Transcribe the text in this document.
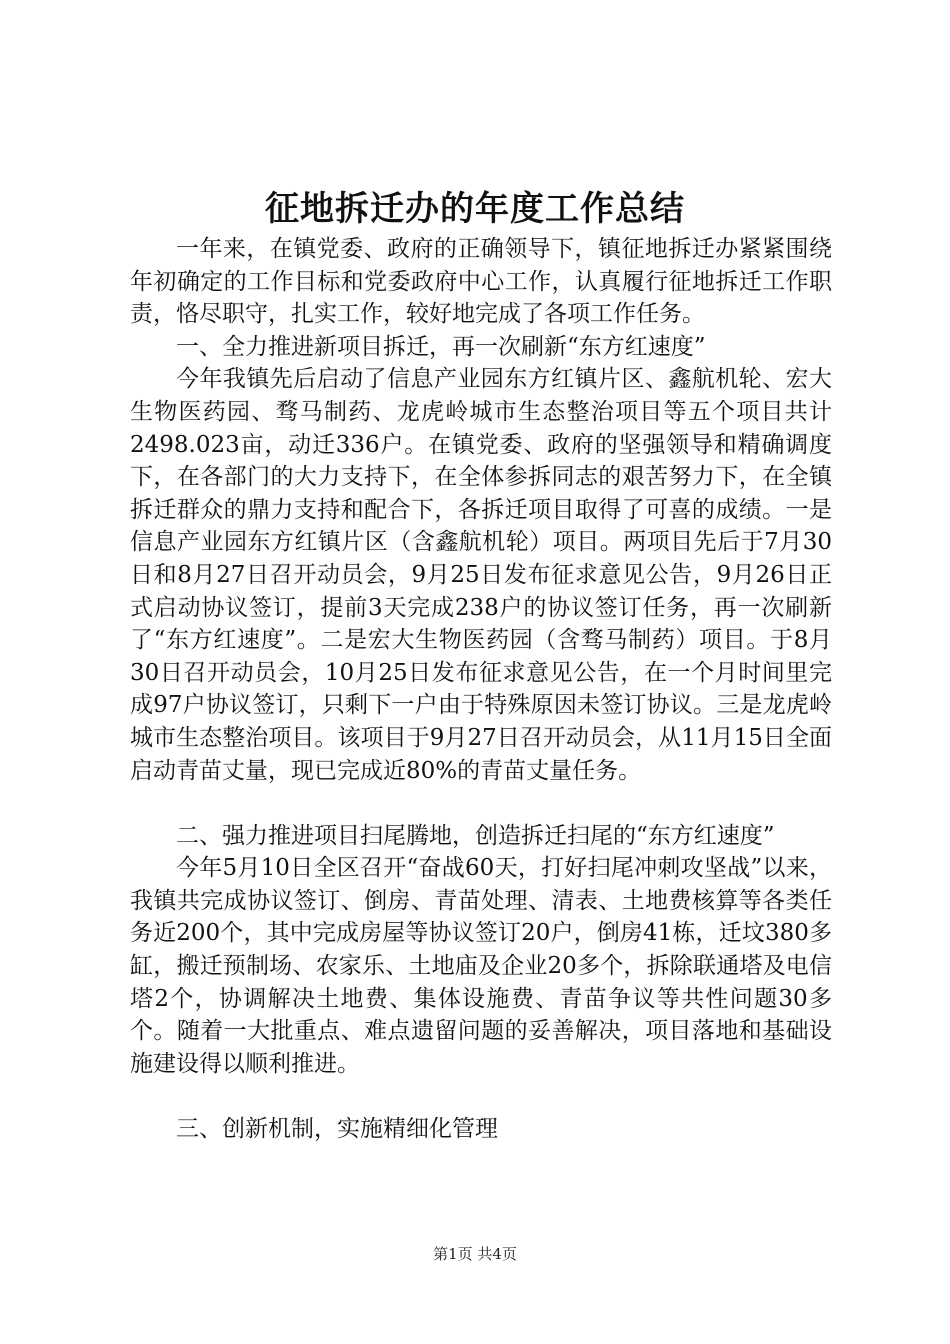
征地拆迁办的年度工作总结

一年来，在镇党委、政府的正确领导下，镇征地拆迁办紧紧围绕年初确定的工作目标和党委政府中心工作，认真履行征地拆迁工作职责，恪尽职守，扎实工作，较好地完成了各项工作任务。

一、全力推进新项目拆迁，再一次刷新“东方红速度”

今年我镇先后启动了信息产业园东方红镇片区、鑫航机轮、宏大生物医药园、骛马制药、龙虎岭城市生态整治项目等五个项目共计2498.023亩，动迁336户。在镇党委、政府的坚强领导和精确调度下，在各部门的大力支持下，在全体参拆同志的艰苦努力下，在全镇拆迁群众的鼎力支持和配合下，各拆迁项目取得了可喜的成绩。一是信息产业园东方红镇片区（含鑫航机轮）项目。两项目先后于7月30日和8月27日召开动员会，9月25日发布征求意见公告，9月26日正式启动协议签订，提前3天完成238户的协议签订任务，再一次刷新了“东方红速度”。二是宏大生物医药园（含骛马制药）项目。于8月30日召开动员会，10月25日发布征求意见公告，在一个月时间里完成97户协议签订，只剩下一户由于特殊原因未签订协议。三是龙虎岭城市生态整治项目。该项目于9月27日召开动员会，从11月15日全面启动青苗丈量，现已完成近80%的青苗丈量任务。

二、强力推进项目扫尾腾地，创造拆迁扫尾的“东方红速度”

今年5月10日全区召开“奋战60天，打好扫尾冲刺攻坚战”以来，我镇共完成协议签订、倒房、青苗处理、清表、土地费核算等各类任务近200个，其中完成房屋等协议签订20户，倒房41栋，迁坟380多缸，搬迁预制场、农家乐、土地庙及企业20多个，拆除联通塔及电信塔2个，协调解决土地费、集体设施费、青苗争议等共性问题30多个。随着一大批重点、难点遗留问题的妥善解决，项目落地和基础设施建设得以顺利推进。

三、创新机制，实施精细化管理

第1页 共4页
